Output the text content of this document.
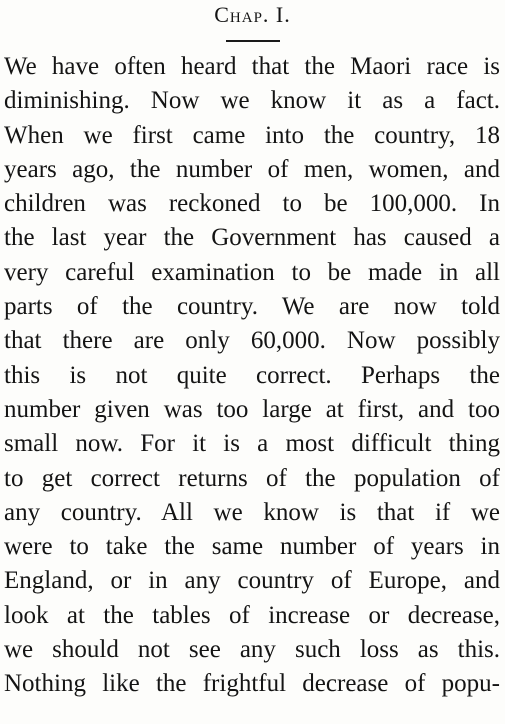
Chap. I.
We have often heard that the Maori race is
diminishing. Now we know it as a fact.
When we first came into the country, 18
years ago, the number of men, women, and
children was reckoned to be 100,000. In
the last year the Government has caused a
very careful examination to be made in all
parts of the country. We are now told
that there are only 60,000. Now possibly
this is not quite correct. Perhaps the
number given was too large at first, and too
small now. For it is a most difficult thing
to get correct returns of the population of
any country. All we know is that if we
were to take the same number of years in
England, or in any country of Europe, and
look at the tables of increase or decrease,
we should not see any such loss as this.
Nothing like the frightful decrease of popu-
